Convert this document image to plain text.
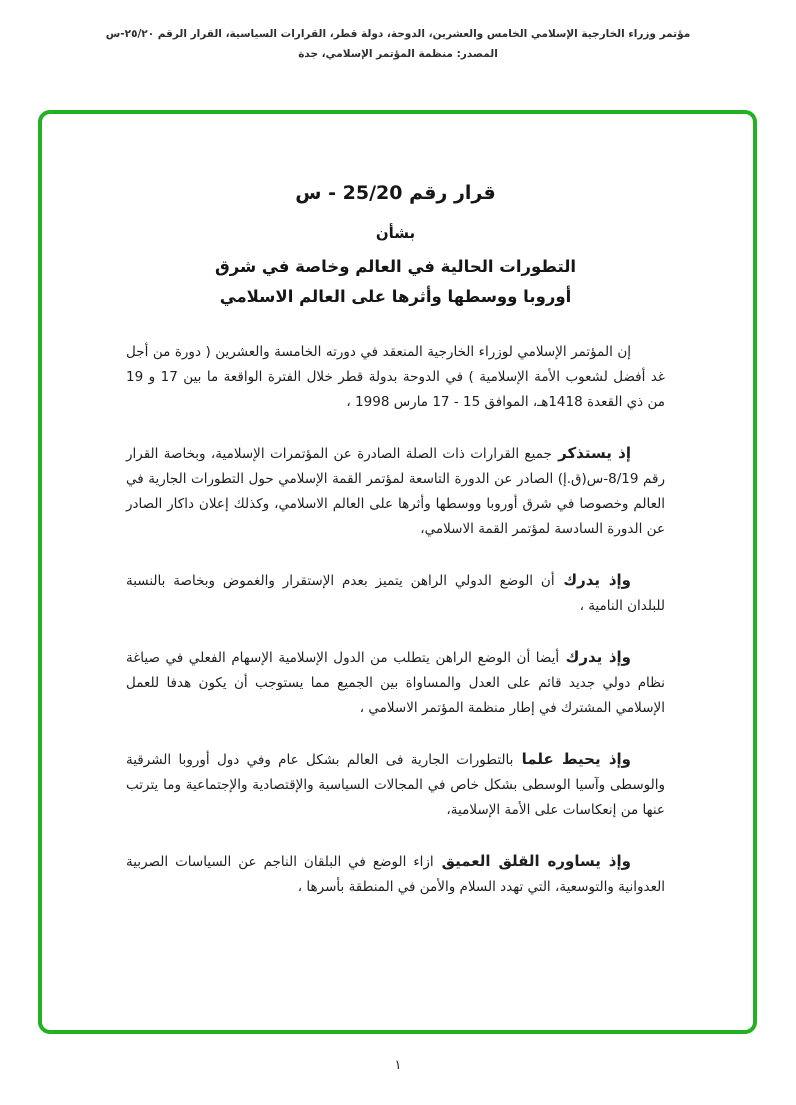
مؤتمر وزراء الخارجية الإسلامي الخامس والعشرين، الدوحة، دولة قطر، القرارات السياسية، القرار الرقم ٢٥/٢٠-س
المصدر: منظمة المؤتمر الإسلامي، جدة
قرار رقم 25/20 - س
بشأن
التطورات الحالية في العالم وخاصة في شرق
أوروبا ووسطها وأثرها على العالم الاسلامي

إن المؤتمر الإسلامي لوزراء الخارجية المنعقد في دورته الخامسة والعشرين ( دورة من أجل غد أفضل لشعوب الأمة الإسلامية ) في الدوحة بدولة قطر خلال الفترة الواقعة ما بين 17 و 19 من ذي القعدة 1418هـ، الموافق 15 - 17 مارس 1998 ،

إذ يستذكر جميع القرارات ذات الصلة الصادرة عن المؤتمرات الإسلامية، وبخاصة القرار رقم 8/19-س(ق.إ) الصادر عن الدورة التاسعة لمؤتمر القمة الإسلامي حول التطورات الجارية في العالم وخصوصا في شرق أوروبا ووسطها وأثرها على العالم الاسلامي، وكذلك إعلان داكار الصادر عن الدورة السادسة لمؤتمر القمة الاسلامي،

وإذ يدرك أن الوضع الدولي الراهن يتميز بعدم الإستقرار والغموض وبخاصة بالنسبة للبلدان النامية ،

وإذ يدرك أيضا أن الوضع الراهن يتطلب من الدول الإسلامية الإسهام الفعلي في صياغة نظام دولي جديد قائم على العدل والمساواة بين الجميع مما يستوجب أن يكون هدفا للعمل الإسلامي المشترك في إطار منظمة المؤتمر الاسلامي ،

وإذ يحيط علما بالتطورات الجارية فى العالم بشكل عام وفي دول أوروبا الشرقية والوسطى وآسيا الوسطى بشكل خاص في المجالات السياسية والإقتصادية والإجتماعية وما يترتب عنها من إنعكاسات على الأمة الإسلامية،

وإذ يساوره القلق العميق ازاء الوضع في البلقان الناجم عن السياسات الصربية العدوانية والتوسعية، التي تهدد السلام والأمن في المنطقة بأسرها ،

١
